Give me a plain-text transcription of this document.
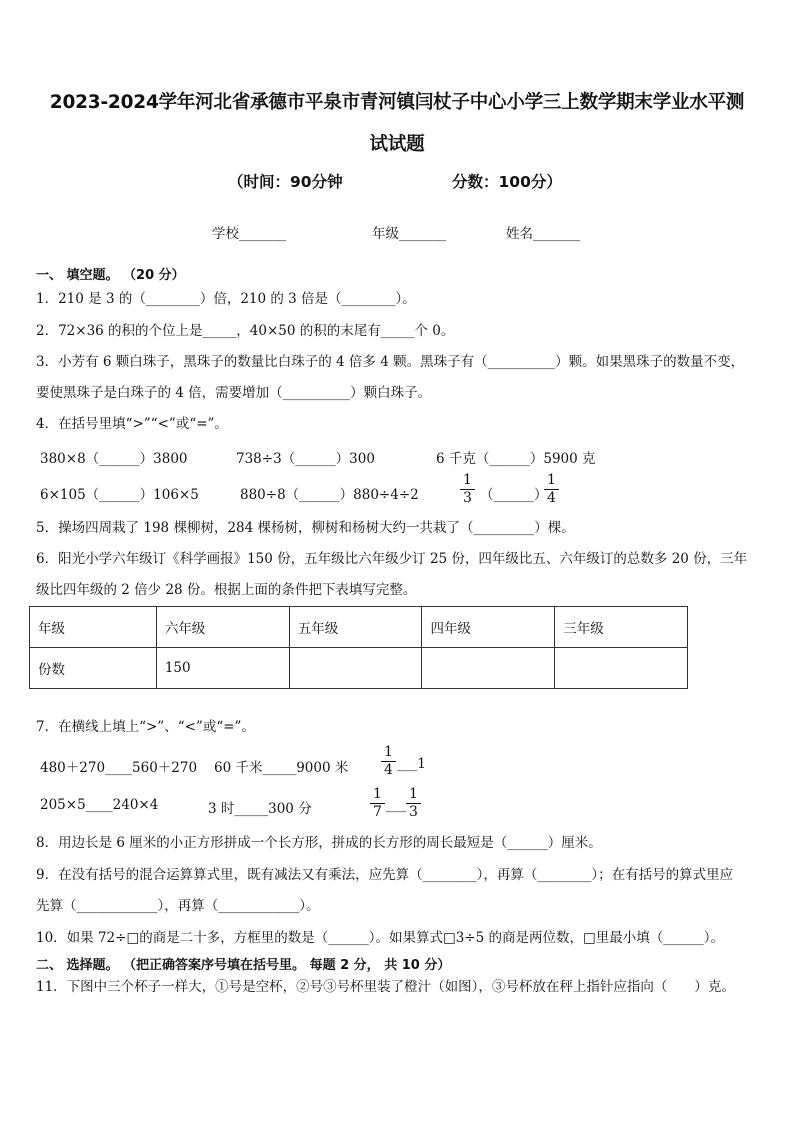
2023-2024学年河北省承德市平泉市青河镇闫杖子中心小学三上数学期末学业水平测
试试题
（时间：90分钟	分数：100分）
学校_______	年级_______	姓名_______
一、 填空题。 （20 分）
1．210 是 3 的（________）倍，210 的 3 倍是（________）。
2．72×36 的积的个位上是_____，40×50 的积的末尾有_____个 0。
3．小芳有 6 颗白珠子，黑珠子的数量比白珠子的 4 倍多 4 颗。黑珠子有（__________）颗。如果黑珠子的数量不变，
要使黑珠子是白珠子的 4 倍，需要增加（__________）颗白珠子。
4．在括号里填“>”“<”或“=”。
380×8（______）3800	738÷3（______）300	6 千克（______）5900 克
6×105（______）106×5	880÷8（______）880÷4÷2	$\frac{1}{3}$ （______）
$\frac{1}{4}$
5．操场四周栽了 198 棵柳树，284 棵杨树，柳树和杨树大约一共栽了（_________）棵。
6．阳光小学六年级订《科学画报》150 份，五年级比六年级少订 25 份，四年级比五、六年级订的总数多 20 份，三年
级比四年级的 2 倍少 28 份。根据上面的条件把下表填写完整。
年级	六年级	五年级	四年级	三年级
份数	150			
7．在横线上填上“>”、“<”或“=”。
480＋270____560＋270 60 千米_____9000 米 $\frac{1}{4}$ ___1
205×5____240×4	3 时_____300 分	$\frac{1}{7}$ ___ $\frac{1}{3}$
8．用边长是 6 厘米的小正方形拼成一个长方形，拼成的长方形的周长最短是（______）厘米。
9．在没有括号的混合运算算式里，既有减法又有乘法，应先算（________），再算（________）；在有括号的算式里应
先算（____________），再算（____________）。
10．如果 72÷□的商是二十多，方框里的数是（______）。如果算式□3÷5 的商是两位数，□里最小填（______）。
二、 选择题。 （把正确答案序号填在括号里。 每题 2 分， 共 10 分）
11．下图中三个杯子一样大，①号是空杯，②号③号杯里装了橙汁（如图），③号杯放在秤上指针应指向（　　）克。
